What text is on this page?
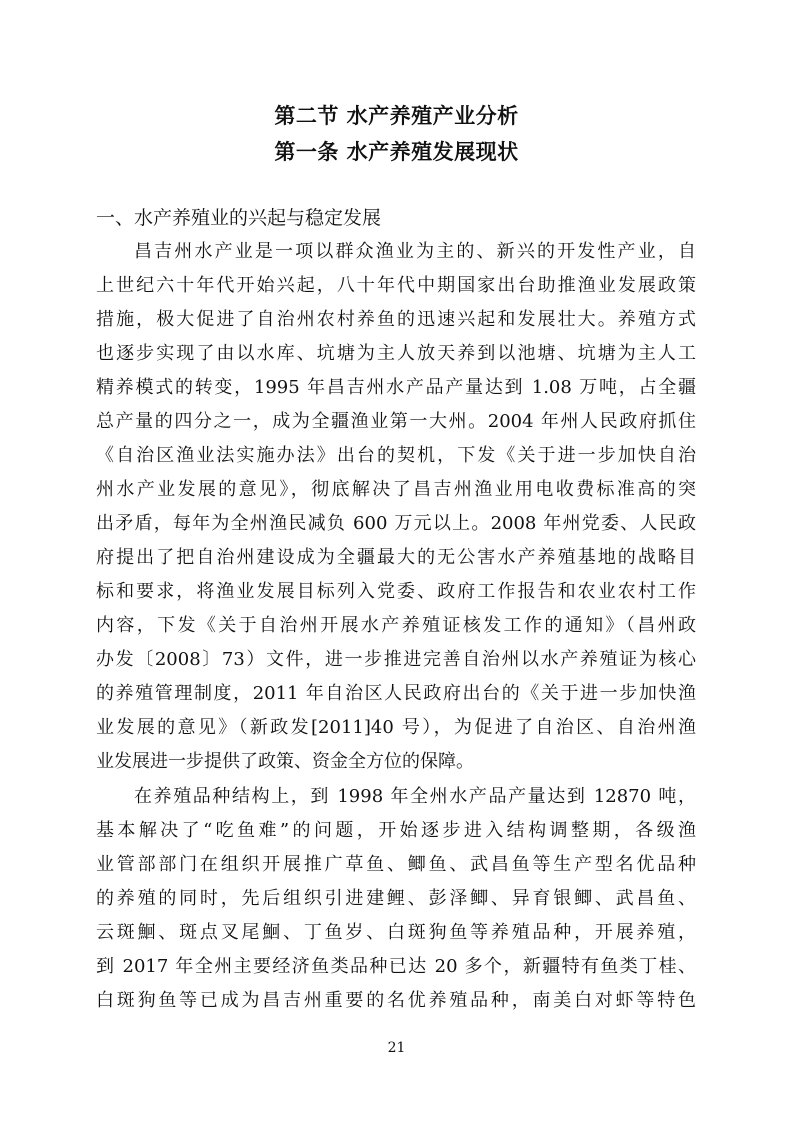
第二节 水产养殖产业分析
第一条 水产养殖发展现状
一、水产养殖业的兴起与稳定发展
昌吉州水产业是一项以群众渔业为主的、新兴的开发性产业，自
上世纪六十年代开始兴起，八十年代中期国家出台助推渔业发展政策
措施，极大促进了自治州农村养鱼的迅速兴起和发展壮大。养殖方式
也逐步实现了由以水库、坑塘为主人放天养到以池塘、坑塘为主人工
精养模式的转变，1995 年昌吉州水产品产量达到 1.08 万吨，占全疆
总产量的四分之一，成为全疆渔业第一大州。2004 年州人民政府抓住
《自治区渔业法实施办法》出台的契机，下发《关于进一步加快自治
州水产业发展的意见》，彻底解决了昌吉州渔业用电收费标准高的突
出矛盾，每年为全州渔民减负 600 万元以上。2008 年州党委、人民政
府提出了把自治州建设成为全疆最大的无公害水产养殖基地的战略目
标和要求，将渔业发展目标列入党委、政府工作报告和农业农村工作
内容，下发《关于自治州开展水产养殖证核发工作的通知》（昌州政
办发〔2008〕73）文件，进一步推进完善自治州以水产养殖证为核心
的养殖管理制度，2011 年自治区人民政府出台的《关于进一步加快渔
业发展的意见》（新政发[2011]40 号），为促进了自治区、自治州渔
业发展进一步提供了政策、资金全方位的保障。
在养殖品种结构上，到 1998 年全州水产品产量达到 12870 吨，
基本解决了“吃鱼难”的问题，开始逐步进入结构调整期，各级渔
业管部部门在组织开展推广草鱼、鲫鱼、武昌鱼等生产型名优品种
的养殖的同时，先后组织引进建鲤、彭泽鲫、异育银鲫、武昌鱼、
云斑鮰、斑点叉尾鮰、丁鱼岁、白斑狗鱼等养殖品种，开展养殖，
到 2017 年全州主要经济鱼类品种已达 20 多个，新疆特有鱼类丁桂、
白斑狗鱼等已成为昌吉州重要的名优养殖品种，南美白对虾等特色
21
